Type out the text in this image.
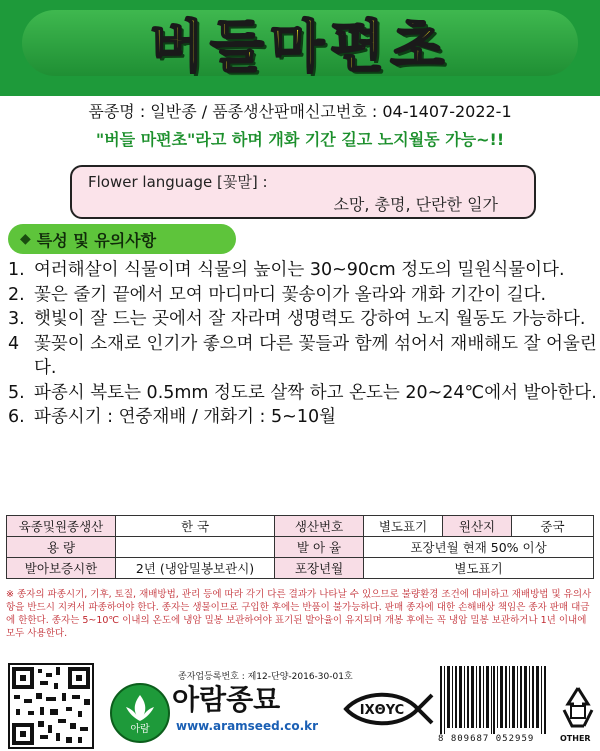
버들마편초
품종명 : 일반종 / 품종생산판매신고번호 : 04-1407-2022-1
"버들 마편초"라고 하며 개화 기간 길고 노지월동 가능~!!
Flower language [꽃말] :
소망, 총명, 단란한 일가
◆ 특성 및 유의사항
1. 여러해살이 식물이며 식물의 높이는 30~90cm 정도의 밀원식물이다.
2. 꽃은 줄기 끝에서 모여 마디마디 꽃송이가 올라와 개화 기간이 길다.
3. 햇빛이 잘 드는 곳에서 잘 자라며 생명력도 강하여 노지 월동도 가능하다.
4 꽃꽂이 소재로 인기가 좋으며 다른 꽃들과 함께 섞어서 재배해도 잘 어울린다.
5. 파종시 복토는 0.5mm 정도로 살짝 하고 온도는 20~24℃에서 발아한다.
6. 파종시기 : 연중재배 / 개화기 : 5~10월
육종및원종생산	한 국	생산번호	별도표기	원산지	중국
용 량		발 아 율	포장년월 현재 50% 이상		
발아보증시한	2년 (냉암밀봉보관시)	포장년월	별도표기		
※ 종자의 파종시기, 기후, 토질, 재배방법, 관리 등에 따라 각기 다른 결과가 나타날 수 있으므로 불량환경 조건에 대비하고 재배방법 및 유의사항을 반드시 지켜서 파종하여야 한다. 종자는 생물이므로 구입한 후에는 반품이 불가능하다. 판매 종자에 대한 손해배상 책임은 종자 판매 대금에 한한다. 종자는 5~10℃ 이내의 온도에 냉암 밀봉 보관하여야 표기된 발아율이 유지되며 개봉 후에는 꼭 냉암 밀봉 보관하거나 1년 이내에 모두 사용한다.
종자업등록번호 : 제12-단양-2016-30-01호
아람
아람종묘
www.aramseed.co.kr
IXΘYC
8 809687 052959	OTHER
